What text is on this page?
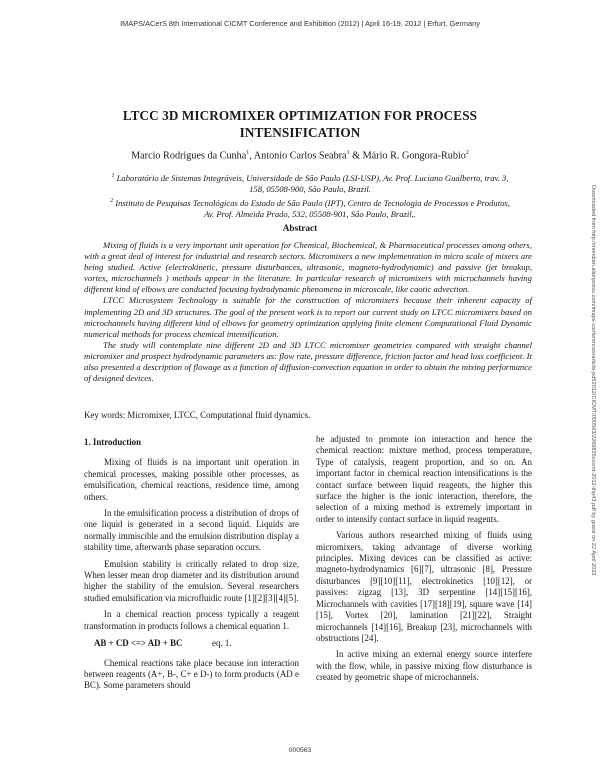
IMAPS/ACerS 8th International CICMT Conference and Exhibition (2012) | April 16-19, 2012 | Erfurt, Germany
Downloaded from http://meridian.allenpress.com/imaps-conferences/article-pdf/2012/CICMT/000563/2269835/cicmt-2012-thp43.pdf by guest on 22 April 2023
LTCC 3D MICROMIXER OPTIMIZATION FOR PROCESS INTENSIFICATION
Marcio Rodrigues da Cunha$^1$, Antonio Carlos Seabra$^1$ & Mário R. Gongora-Rubio$^2$
$^1$ Laboratório de Sistemas Integráveis, Universidade de São Paulo (LSI-USP), Av. Prof. Luciano Gualberto, trav. 3, 158, 05508-900, São Paulo, Brazil.
$^2$ Instituto de Pesquisas Tecnológicas do Estado de São Paulo (IPT), Centro de Tecnologia de Processos e Produtos, Av. Prof. Almeida Prado, 532, 05508-901, São Paulo, Brazil,.
Abstract

Mixing of fluids is a very important unit operation for Chemical, Biochemical, & Pharmaceutical processes among others, with a great deal of interest for industrial and research sectors. Micromixers a new implementation in micro scale of mixers are being studied. Active (electrokinetic, pressure disturbances, ultrasonic, magneto-hydrodynamic) and passive (jet breakup, vortex, microchannels ) methods appear in the literature. In particular research of micromixers with microchannels having different kind of elbows are conducted focusing hydrodynamic phenomena in microscale, like caotic advection.

LTCC Microsystem Technology is suitable for the construction of micromixers because their inherent capacity of implementing 2D and 3D structures. The goal of the present work is to report our current study on LTCC micromixers based on microchannels having different kind of elbows for geometry optimization applying finite element Computational Fluid Dynamic numerical methods for process chemical intensification.

The study will contemplate nine different 2D and 3D LTCC micromixer geometries compared with straight channel micromixer and prospect hydrodynamic parameters as: flow rate, pressure difference, friction factor and head loss coefficient. It also presented a description of flowage as a function of diffusion-convection equation in order to obtain the mixing performance of designed devices.

Key words: Micromixer, LTCC, Computational fluid dynamics.
1. Introduction

Mixing of fluids is na important unit operation in chemical processes, making possible other processes, as emulsification, chemical reactions, residence time, among others.

In the emulsification process a distribution of drops of one liquid is generated in a second liquid. Liquids are normally immiscible and the emulsion distribution display a stability time, afterwards phase separation occurs.

Emulsion stability is critically related to drop size, When lesser mean drop diameter and its distribution around higher the stability of the emulsion. Several researchers studied emulsification via microfluidic route [1][2][3][4][5].

In a chemical reaction process typically a reagent transformation in products follows a chemical equation 1.

AB + CD <=> AD + BC	eq. 1.

Chemical reactions take place because ion interaction between reagents (A+, B-, C+ e D-) to form products (AD e BC). Some parameters should

be adjusted to promote ion interaction and hence the chemical reaction: mixture method, process temperature, Type of catalysis, reagent proportion, and so on. An important factor in chemical reaction intensifications is the contact surface between liquid reagents, the higher this surface the higher is the ionic interaction, therefore, the selection of a mixing method is extremely important in order to intensify contact surface in liquid reagents.

Various authors researched mixing of fluids using micromixers, taking advantage of diverse working principles. Mixing devices can be classified as active: magneto-hydrodynamics [6][7], ultrasonic [8], Pressure disturbances [9][10][11], electrokinetics [10][12], or passives: zigzag [13], 3D serpentine [14][15][16], Microchannels with cavities [17][18][19], square wave [14][15], Vortex [20], lamination [21][22], Straight microchannels [14][16], Breakup [23], microchannels with obstructions [24].

In active mixing an external energy source interfere with the flow, while, in passive mixing flow disturbance is created by geometric shape of microchannels.

000563
